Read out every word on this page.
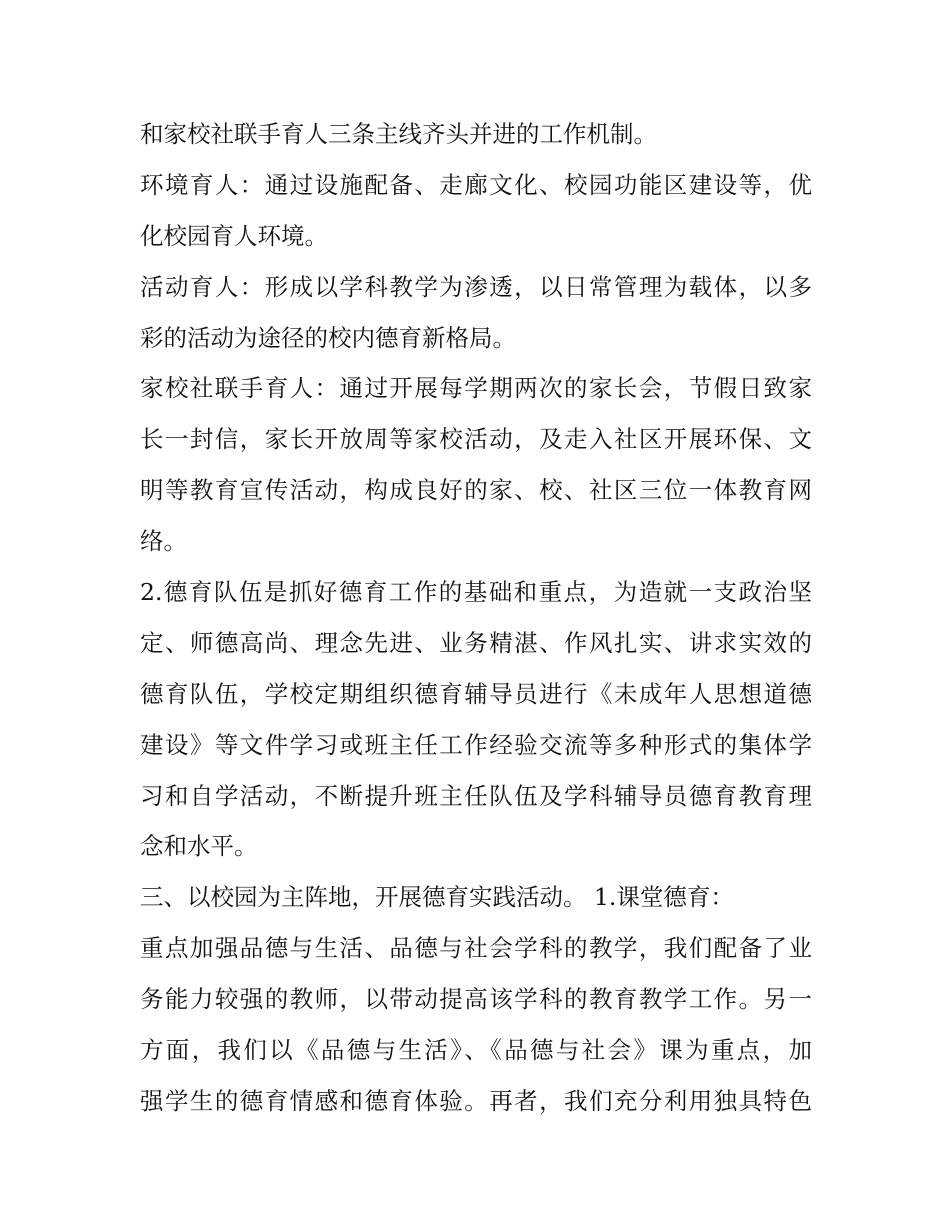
和家校社联手育人三条主线齐头并进的工作机制。
环境育人：通过设施配备、走廊文化、校园功能区建设等，优
化校园育人环境。
活动育人：形成以学科教学为渗透，以日常管理为载体，以多
彩的活动为途径的校内德育新格局。
家校社联手育人：通过开展每学期两次的家长会，节假日致家
长一封信，家长开放周等家校活动，及走入社区开展环保、文
明等教育宣传活动，构成良好的家、校、社区三位一体教育网
络。
2.德育队伍是抓好德育工作的基础和重点，为造就一支政治坚
定、师德高尚、理念先进、业务精湛、作风扎实、讲求实效的
德育队伍，学校定期组织德育辅导员进行《未成年人思想道德
建设》等文件学习或班主任工作经验交流等多种形式的集体学
习和自学活动，不断提升班主任队伍及学科辅导员德育教育理
念和水平。
三、以校园为主阵地，开展德育实践活动。 1.课堂德育：
重点加强品德与生活、品德与社会学科的教学，我们配备了业
务能力较强的教师，以带动提高该学科的教育教学工作。另一
方面，我们以《品德与生活》、《品德与社会》课为重点，加
强学生的德育情感和德育体验。再者，我们充分利用独具特色
